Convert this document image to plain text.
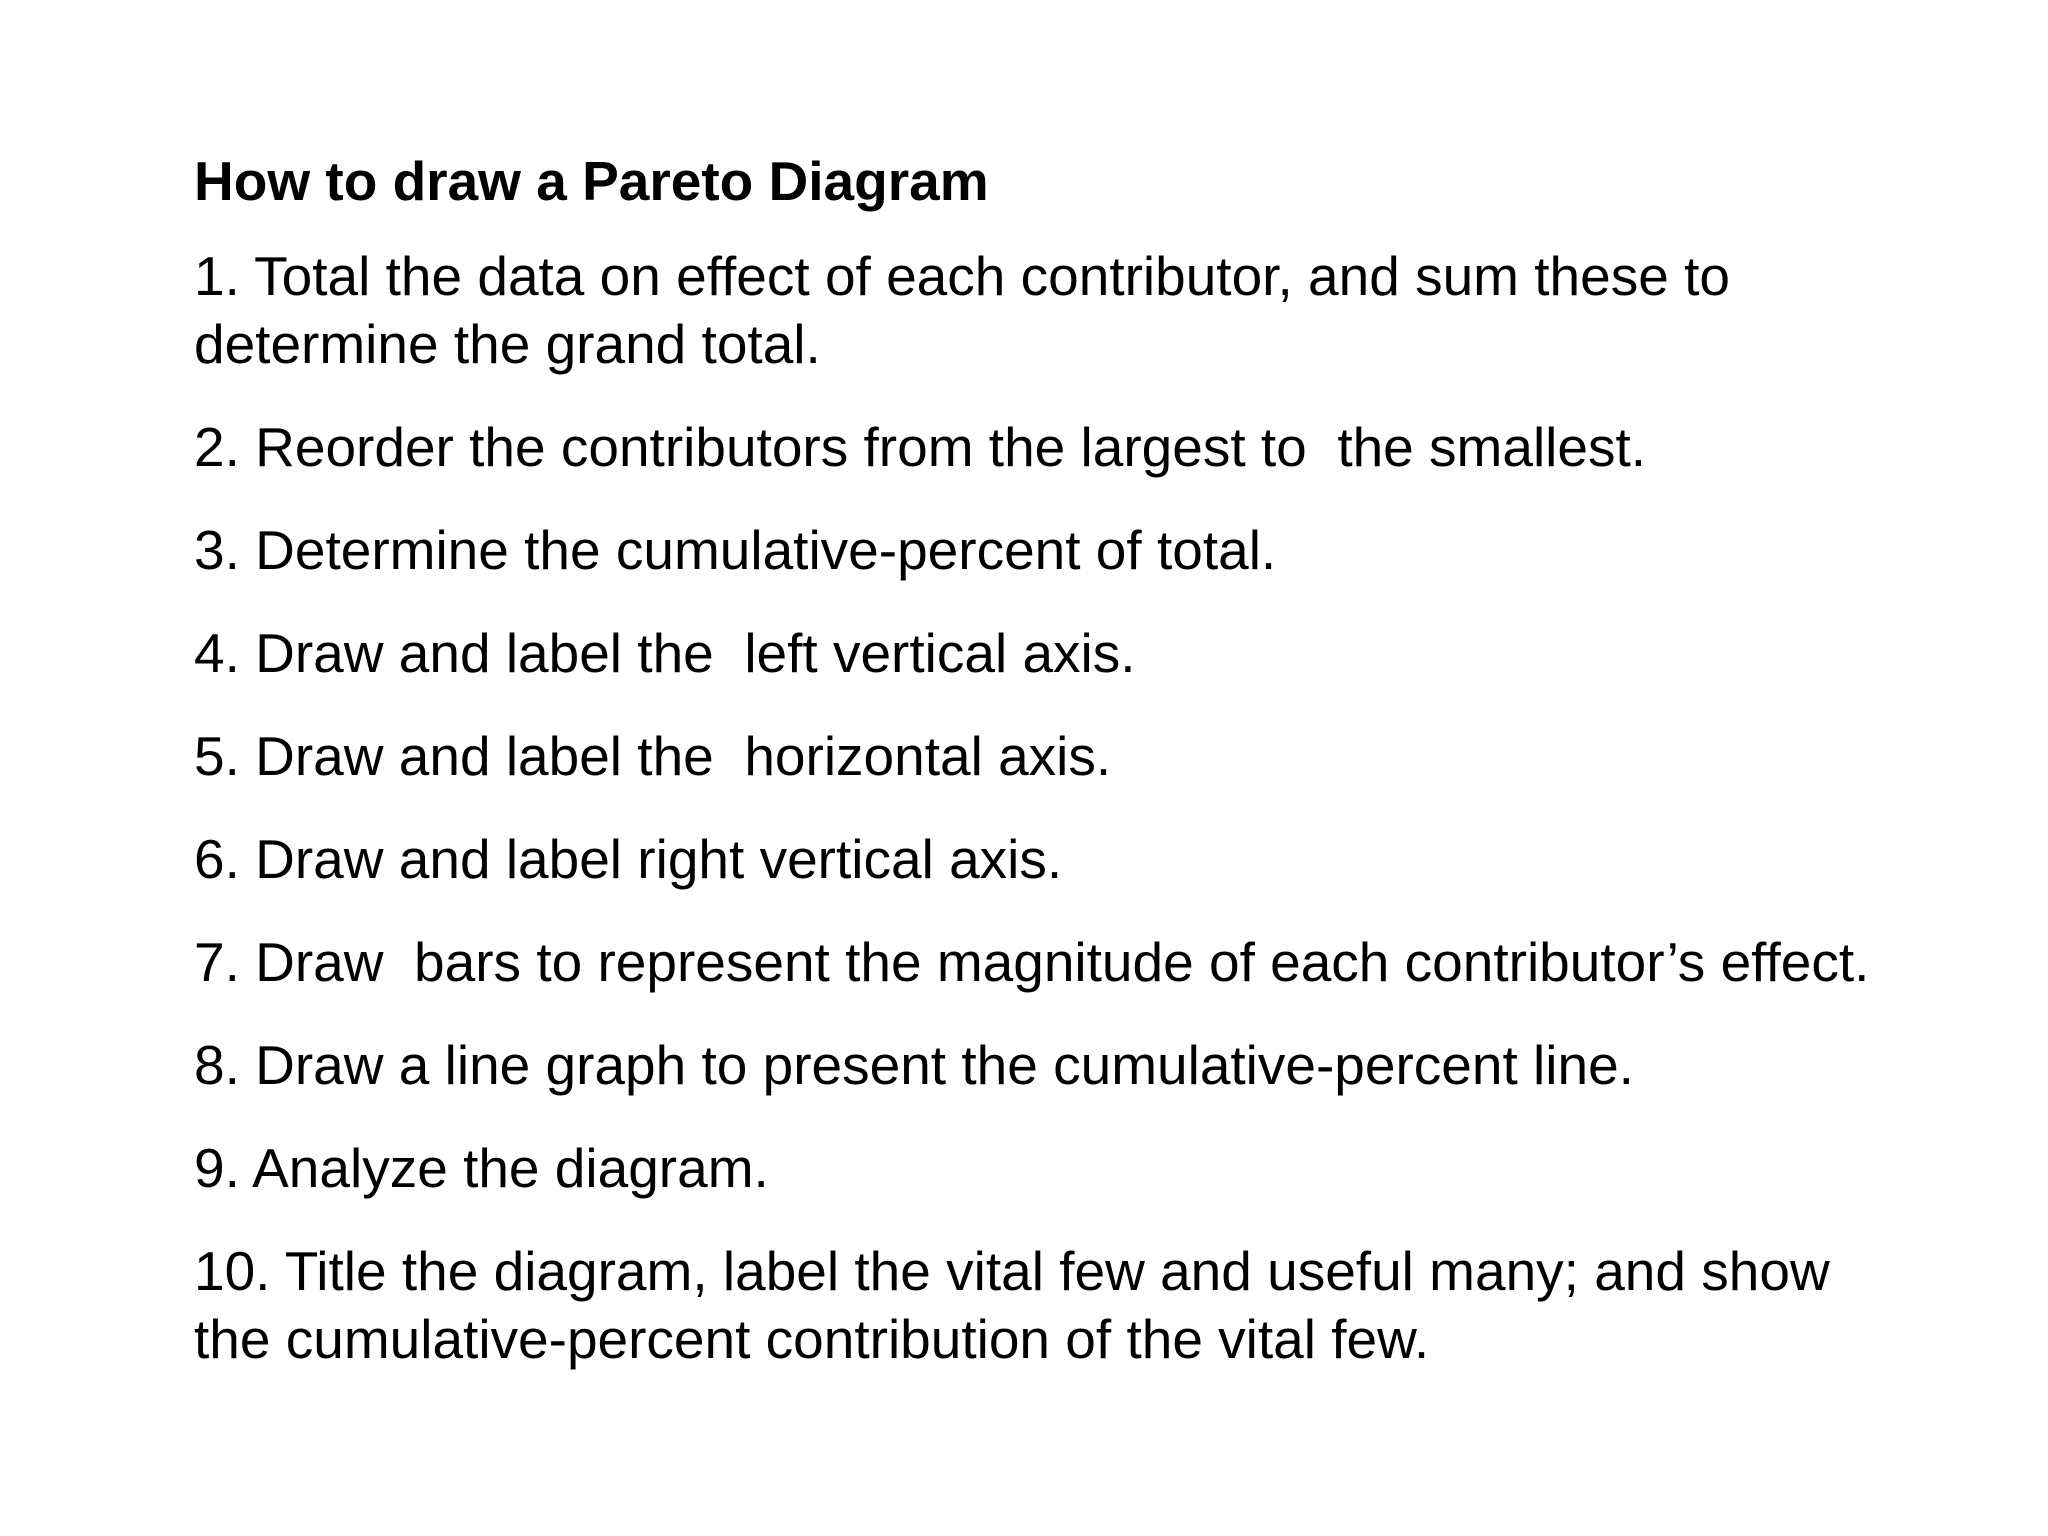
How to draw a Pareto Diagram
1. Total the data on effect of each contributor, and sum these to determine the grand total.
2. Reorder the contributors from the largest to  the smallest.
3. Determine the cumulative-percent of total.
4. Draw and label the  left vertical axis.
5. Draw and label the  horizontal axis.
6. Draw and label right vertical axis.
7. Draw  bars to represent the magnitude of each contributor’s effect.
8. Draw a line graph to present the cumulative-percent line.
9. Analyze the diagram.
10. Title the diagram, label the vital few and useful many; and show the cumulative-percent contribution of the vital few.
